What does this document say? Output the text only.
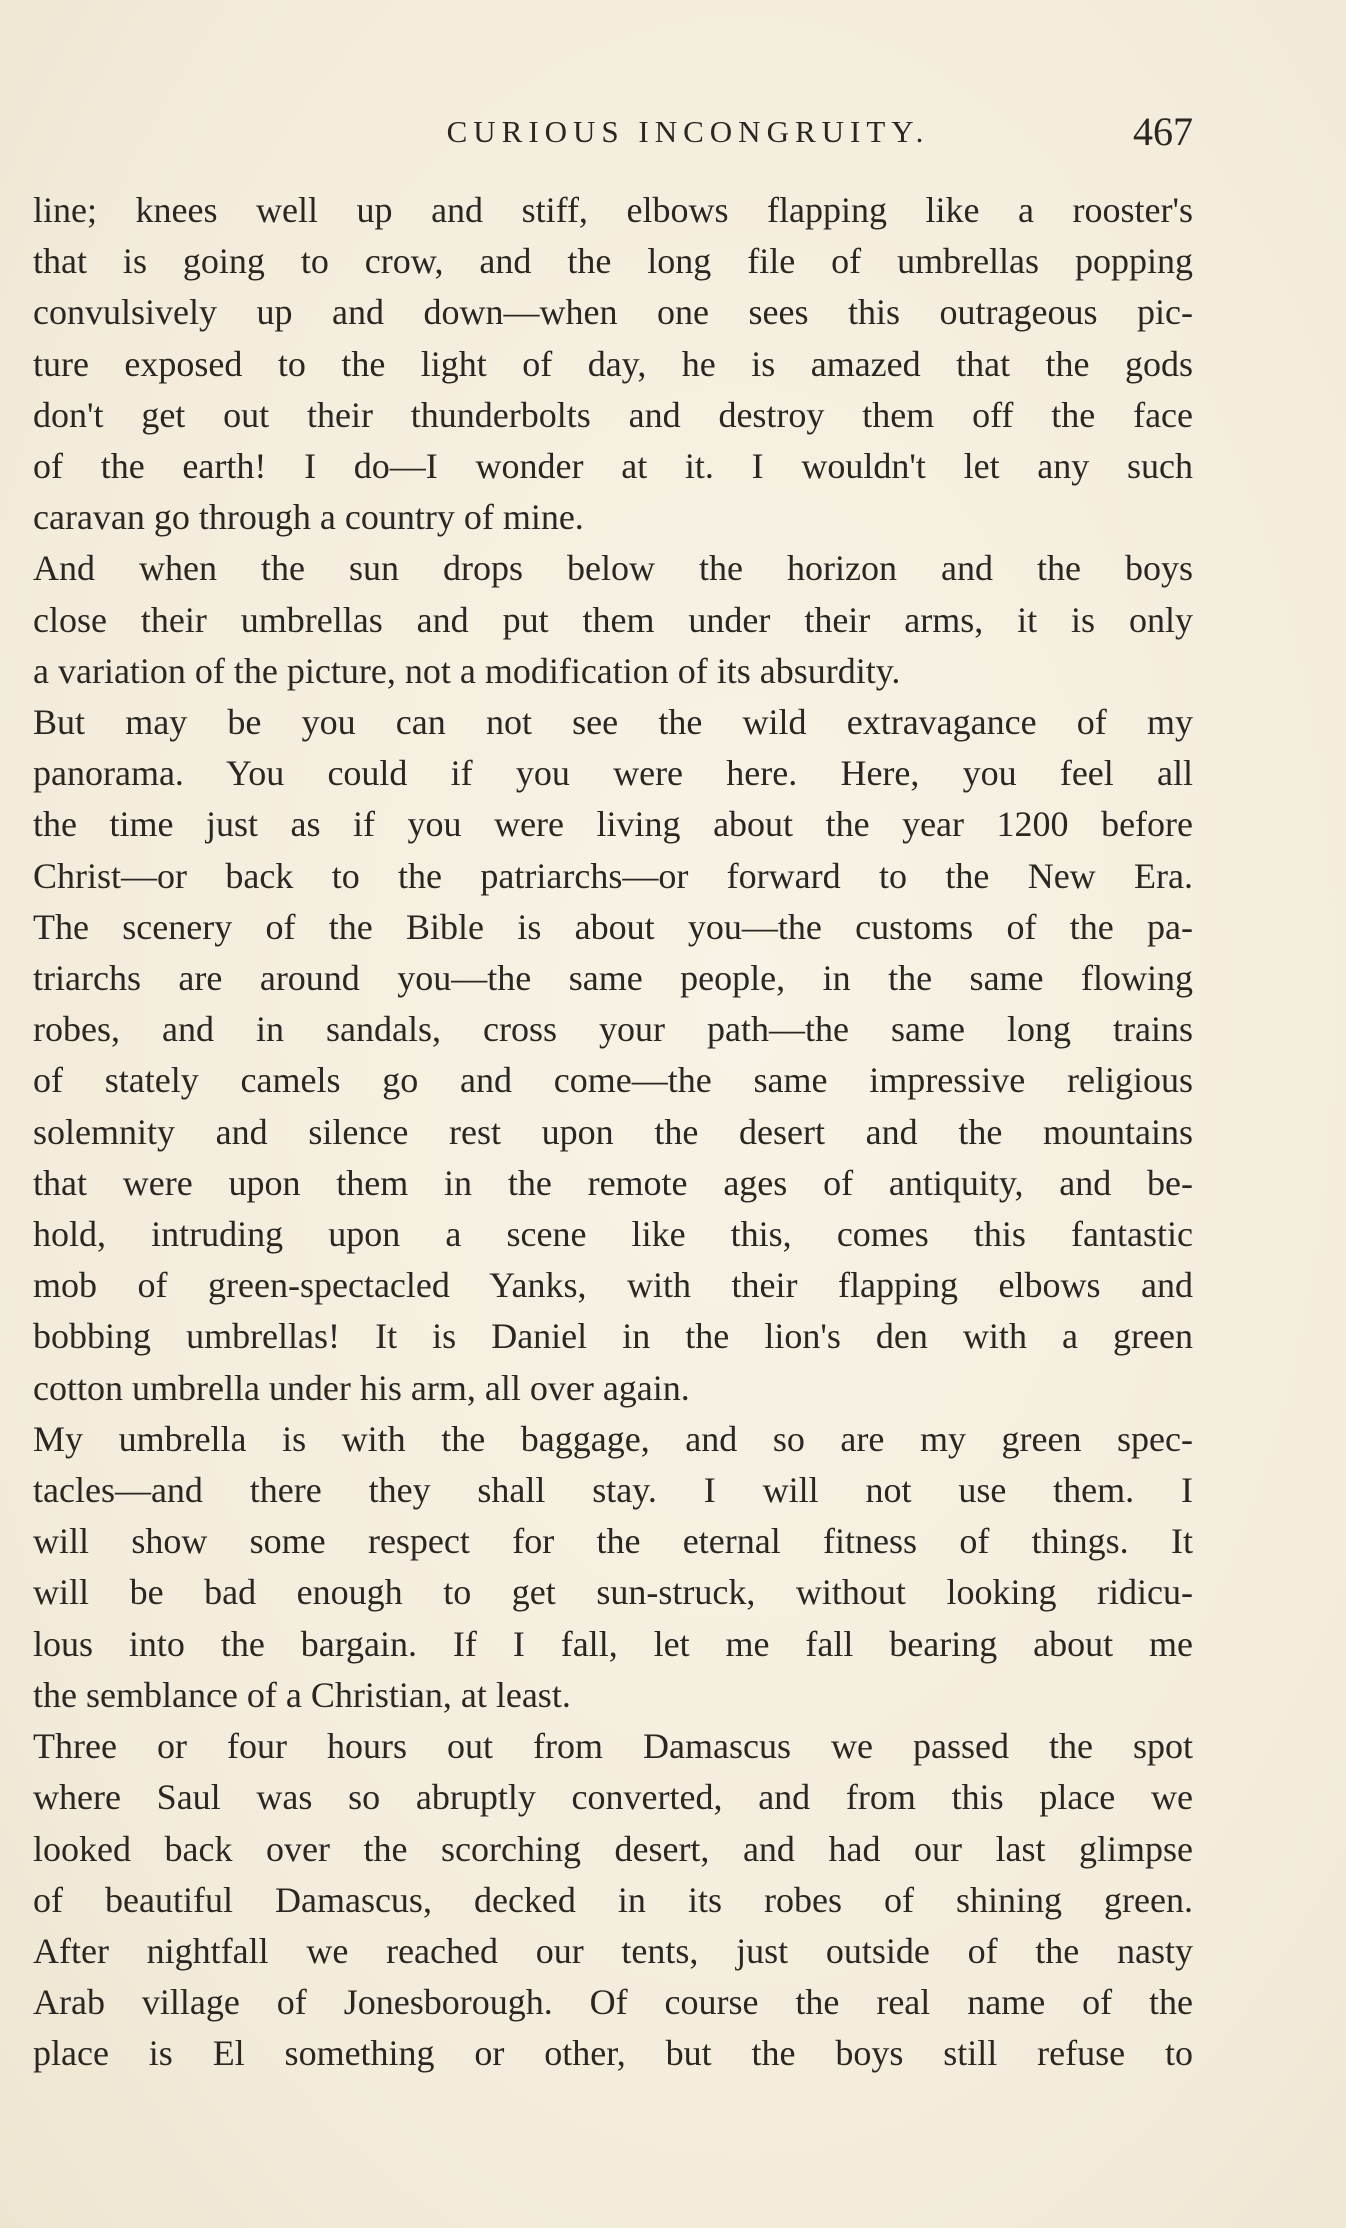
CURIOUS INCONGRUITY.	467

line; knees well up and stiff, elbows flapping like a rooster's

that is going to crow, and the long file of umbrellas popping

convulsively up and down—when one sees this outrageous pic-

ture exposed to the light of day, he is amazed that the gods

don't get out their thunderbolts and destroy them off the face

of the earth! I do—I wonder at it. I wouldn't let any such

caravan go through a country of mine.

And when the sun drops below the horizon and the boys

close their umbrellas and put them under their arms, it is only

a variation of the picture, not a modification of its absurdity.

But may be you can not see the wild extravagance of my

panorama. You could if you were here. Here, you feel all

the time just as if you were living about the year 1200 before

Christ—or back to the patriarchs—or forward to the New Era.

The scenery of the Bible is about you—the customs of the pa-

triarchs are around you—the same people, in the same flowing

robes, and in sandals, cross your path—the same long trains

of stately camels go and come—the same impressive religious

solemnity and silence rest upon the desert and the mountains

that were upon them in the remote ages of antiquity, and be-

hold, intruding upon a scene like this, comes this fantastic

mob of green-spectacled Yanks, with their flapping elbows and

bobbing umbrellas! It is Daniel in the lion's den with a green

cotton umbrella under his arm, all over again.

My umbrella is with the baggage, and so are my green spec-

tacles—and there they shall stay. I will not use them. I

will show some respect for the eternal fitness of things. It

will be bad enough to get sun-struck, without looking ridicu-

lous into the bargain. If I fall, let me fall bearing about me

the semblance of a Christian, at least.

Three or four hours out from Damascus we passed the spot

where Saul was so abruptly converted, and from this place we

looked back over the scorching desert, and had our last glimpse

of beautiful Damascus, decked in its robes of shining green.

After nightfall we reached our tents, just outside of the nasty

Arab village of Jonesborough. Of course the real name of the

place is El something or other, but the boys still refuse to
